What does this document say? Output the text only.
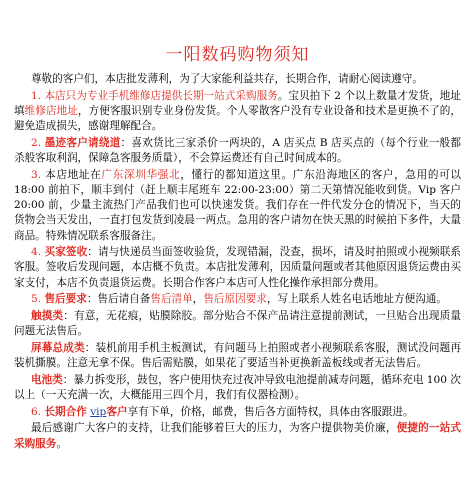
一阳数码购物须知

尊敬的客户们，本店批发薄利，为了大家能利益共存，长期合作，请耐心阅读遵守。

1. 本店只为专业手机维修店提供长期一站式采购服务。宝贝拍下 2 个以上数量才发货，地址填维修店地址，方便客服识别专业身份发货。个人零散客户没有专业设备和技术是更换不了的，避免造成损失，感谢理解配合。

2. 墨迹客户请绕道：喜欢货比三家杀价一两块的，A 店买点 B 店买点的（每个行业一般都杀般客取利润，保障急客服务质量），不会算运费还有自己时间成本的。

3. 本店地址在广东深圳华强北，懂行的都知道这里。广东沿海地区的客户，急用的可以 18:00 前拍下，顺丰到付（赶上顺丰尾班车 22:00-23:00）第二天第情况能收到货。Vip 客户 20:00 前，少量主流热门产品我们也可以快速发货。我们存在一件代发分仓的情况下，当天的货物会当天发出，一直打包发货到凌晨一两点。急用的客户请勿在快天黑的时候拍下多件，大量商品。特殊情况联系客服备注。

4. 买家签收：请与快递员当面签收验货，发现错漏，没查，损坏，请及时拍照或小视频联系客服。签收后发现问题，本店概不负责。本店批发薄利，因质量问题或者其他原因退货运费由买家支付，本店不负责退货运费。长期合作客户本店可人性化操作承担部分费用。

5. 售后要求：售后请自备售后清单，售后原因要求，写上联系人姓名电话地址方便沟通。

触摸类：有意，无花痕，贴膜除胶。部分贴合不保产品请注意提前测试，一旦贴合出现质量问题无法售后。

屏幕总成类：装机前用手机主板测试，有问题马上拍照或者小视频联系客服，测试没问题再装机撕膜。注意无拿不保。售后需贴膜，如果花了要适当补更换新盖板线或者无法售后。

电池类：暴力拆变形，鼓包，客户使用快充过夜冲导致电池提前减寿问题，循环充电 100 次以上（一天充满一次，大概能用三四个月，我们有仪器检测）。

6. 长期合作 vip客户享有下单，价格，邮费，售后各方面特权，具体由客服跟进。

最后感谢广大客户的支持，让我们能够着巨大的压力，为客户提供物美价廉，便捷的一站式采购服务。
